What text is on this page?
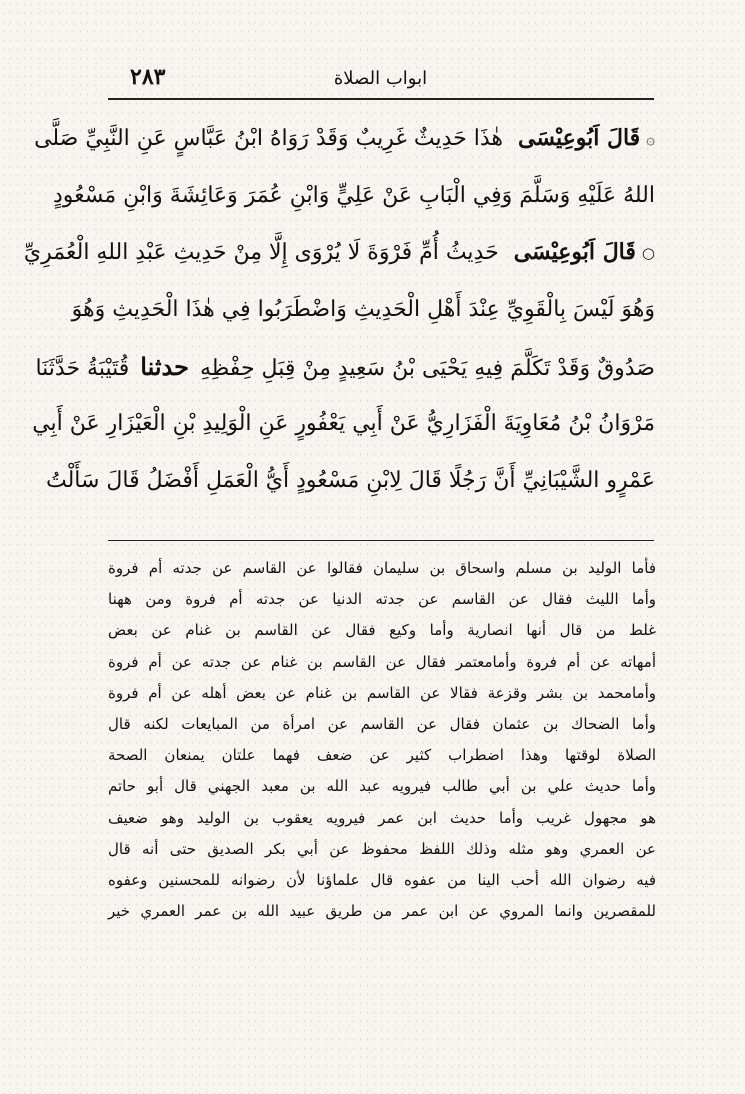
٢٨٣	ابواب الصلاة
۞قَالَ اَبُوعِيْسَى هٰذَا حَدِيثٌ غَرِيبٌ وَقَدْ رَوَاهُ ابْنُ عَبَّاسٍ عَنِ النَّبِيِّ صَلَّى
اللهُ عَلَيْهِ وَسَلَّمَ وَفِي الْبَابِ عَنْ عَلِيٍّ وَابْنِ عُمَرَ وَعَائِشَةَ وَابْنِ مَسْعُودٍ
○قَالَ اَبُوعِيْسَى حَدِيثُ أُمِّ فَرْوَةَ لَا يُرْوَى إِلَّا مِنْ حَدِيثِ عَبْدِ اللهِ الْعُمَرِيِّ
وَهُوَ لَيْسَ بِالْقَوِيِّ عِنْدَ أَهْلِ الْحَدِيثِ وَاضْطَرَبُوا فِي هٰذَا الْحَدِيثِ وَهُوَ
صَدُوقٌ وَقَدْ تَكَلَّمَ فِيهِ يَحْيَى بْنُ سَعِيدٍ مِنْ قِبَلِ حِفْظِهِ حدثنا قُتَيْبَةُ حَدَّثَنَا
مَرْوَانُ بْنُ مُعَاوِيَةَ الْفَزَارِيُّ عَنْ أَبِي يَعْفُورٍ عَنِ الْوَلِيدِ بْنِ الْعَيْزَارِ عَنْ أَبِي
عَمْرٍو الشَّيْبَانِيِّ أَنَّ رَجُلًا قَالَ لِابْنِ مَسْعُودٍ أَيُّ الْعَمَلِ أَفْضَلُ قَالَ سَأَلْتُ
فأما الوليد بن مسلم واسحاق بن سليمان فقالوا عن القاسم عن جدته أم فروة
وأما الليث فقال عن القاسم عن جدته الدنيا عن جدته أم فروة ومن ههنا
غلط من قال أنها انصارية وأما وكيع فقال عن القاسم بن غنام عن بعض
أمهاته عن أم فروة وأمامعتمر فقال عن القاسم بن غنام عن جدته عن أم فروة
وأمامحمد بن بشر وقزعة فقالا عن القاسم بن غنام عن بعض أهله عن أم فروة
وأما الضحاك بن عثمان فقال عن القاسم عن امرأة من المبايعات لكنه قال
الصلاة لوقتها وهذا اضطراب كثير عن ضعف فهما علتان يمنعان الصحة
وأما حديث علي بن أبي طالب فيرويه عبد الله بن معبد الجهني قال أبو حاتم
هو مجهول غريب وأما حديث ابن عمر فيرويه يعقوب بن الوليد وهو ضعيف
عن العمري وهو مثله وذلك اللفظ محفوظ عن أبي بكر الصديق حتى أنه قال
فيه رضوان الله أحب الينا من عفوه قال علماؤنا لأن رضوانه للمحسنين وعفوه
للمقصرين وانما المروي عن ابن عمر من طريق عبيد الله بن عمر العمري خير
